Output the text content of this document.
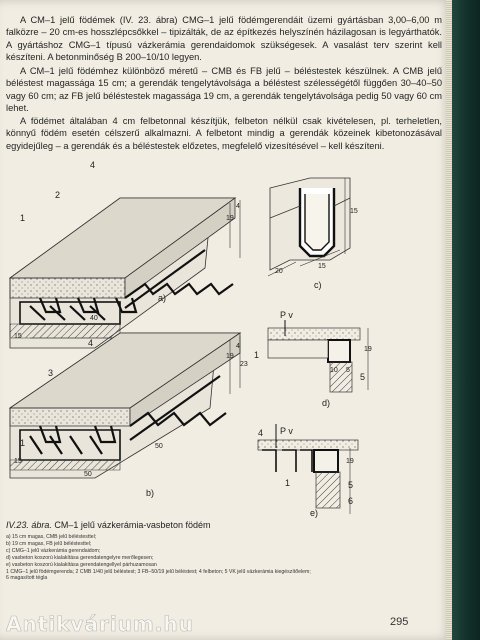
A CM–1 jelű födémek (IV. 23. ábra) CMG–1 jelű födémgerendáit üzemi gyártásban 3,00–6,00 m falközre – 20 cm-es hosszlépcsőkkel – tipizálták, de az építkezés helyszínén házilagosan is legyárthatók. A gyártáshoz CMG–1 típusú vázkerámia gerendaidomok szükségesek. A vasalást terv szerint kell készíteni. A betonminőség B 200–10/10 legyen.

A CM–1 jelű födémhez különböző méretű – CMB és FB jelű – béléstestek készülnek. A CMB jelű béléstest magassága 15 cm; a gerendák tengelytávolsága a béléstest szélességétől függően 30–40–50 vagy 60 cm; az FB jelű béléstestek magassága 19 cm, a gerendák tengelytávolsága pedig 50 vagy 60 cm lehet.

A födémet általában 4 cm felbetonnal készítjük, felbeton nélkül csak kivételesen, pl. terheletlen, könnyű födém esetén célszerű alkalmazni. A felbetont mindig a gerendák közeinek kibetonozásával egyidejűleg – a gerendák és a béléstestek előzetes, megfelelő vizesítésével – kell készíteni.

1
2
4
19
4
40
15
a)
15
20
15
c)
3
4
1
19
4
23
50
50
15
b)
P v
1
19
10 5
5
d)
4 P v
1
19
5
6
e)
IV.23. ábra. CM–1 jelű vázkerámia-vasbeton födém
a) 15 cm magas, CMB jelű béléstesttel;
b) 19 cm magas, FB jelű béléstesttel;
c) CMG–1 jelű vázkerámia gerendaidom;
d) vasbeton koszorú kialakítása gerendatengelyre merőlegesen;
e) vasbeton koszorú kialakítása gerendatengellyel párhuzamosan
1 CMG–1 jelű födémgerenda; 2 CMB 1/40 jelű béléstest; 3 FB–50/19 jelű béléstest; 4 felbeton; 5 VK jelű vázkerámia kiegészítőelem;
6 magasított tégla
295
Antikvárium.hu
